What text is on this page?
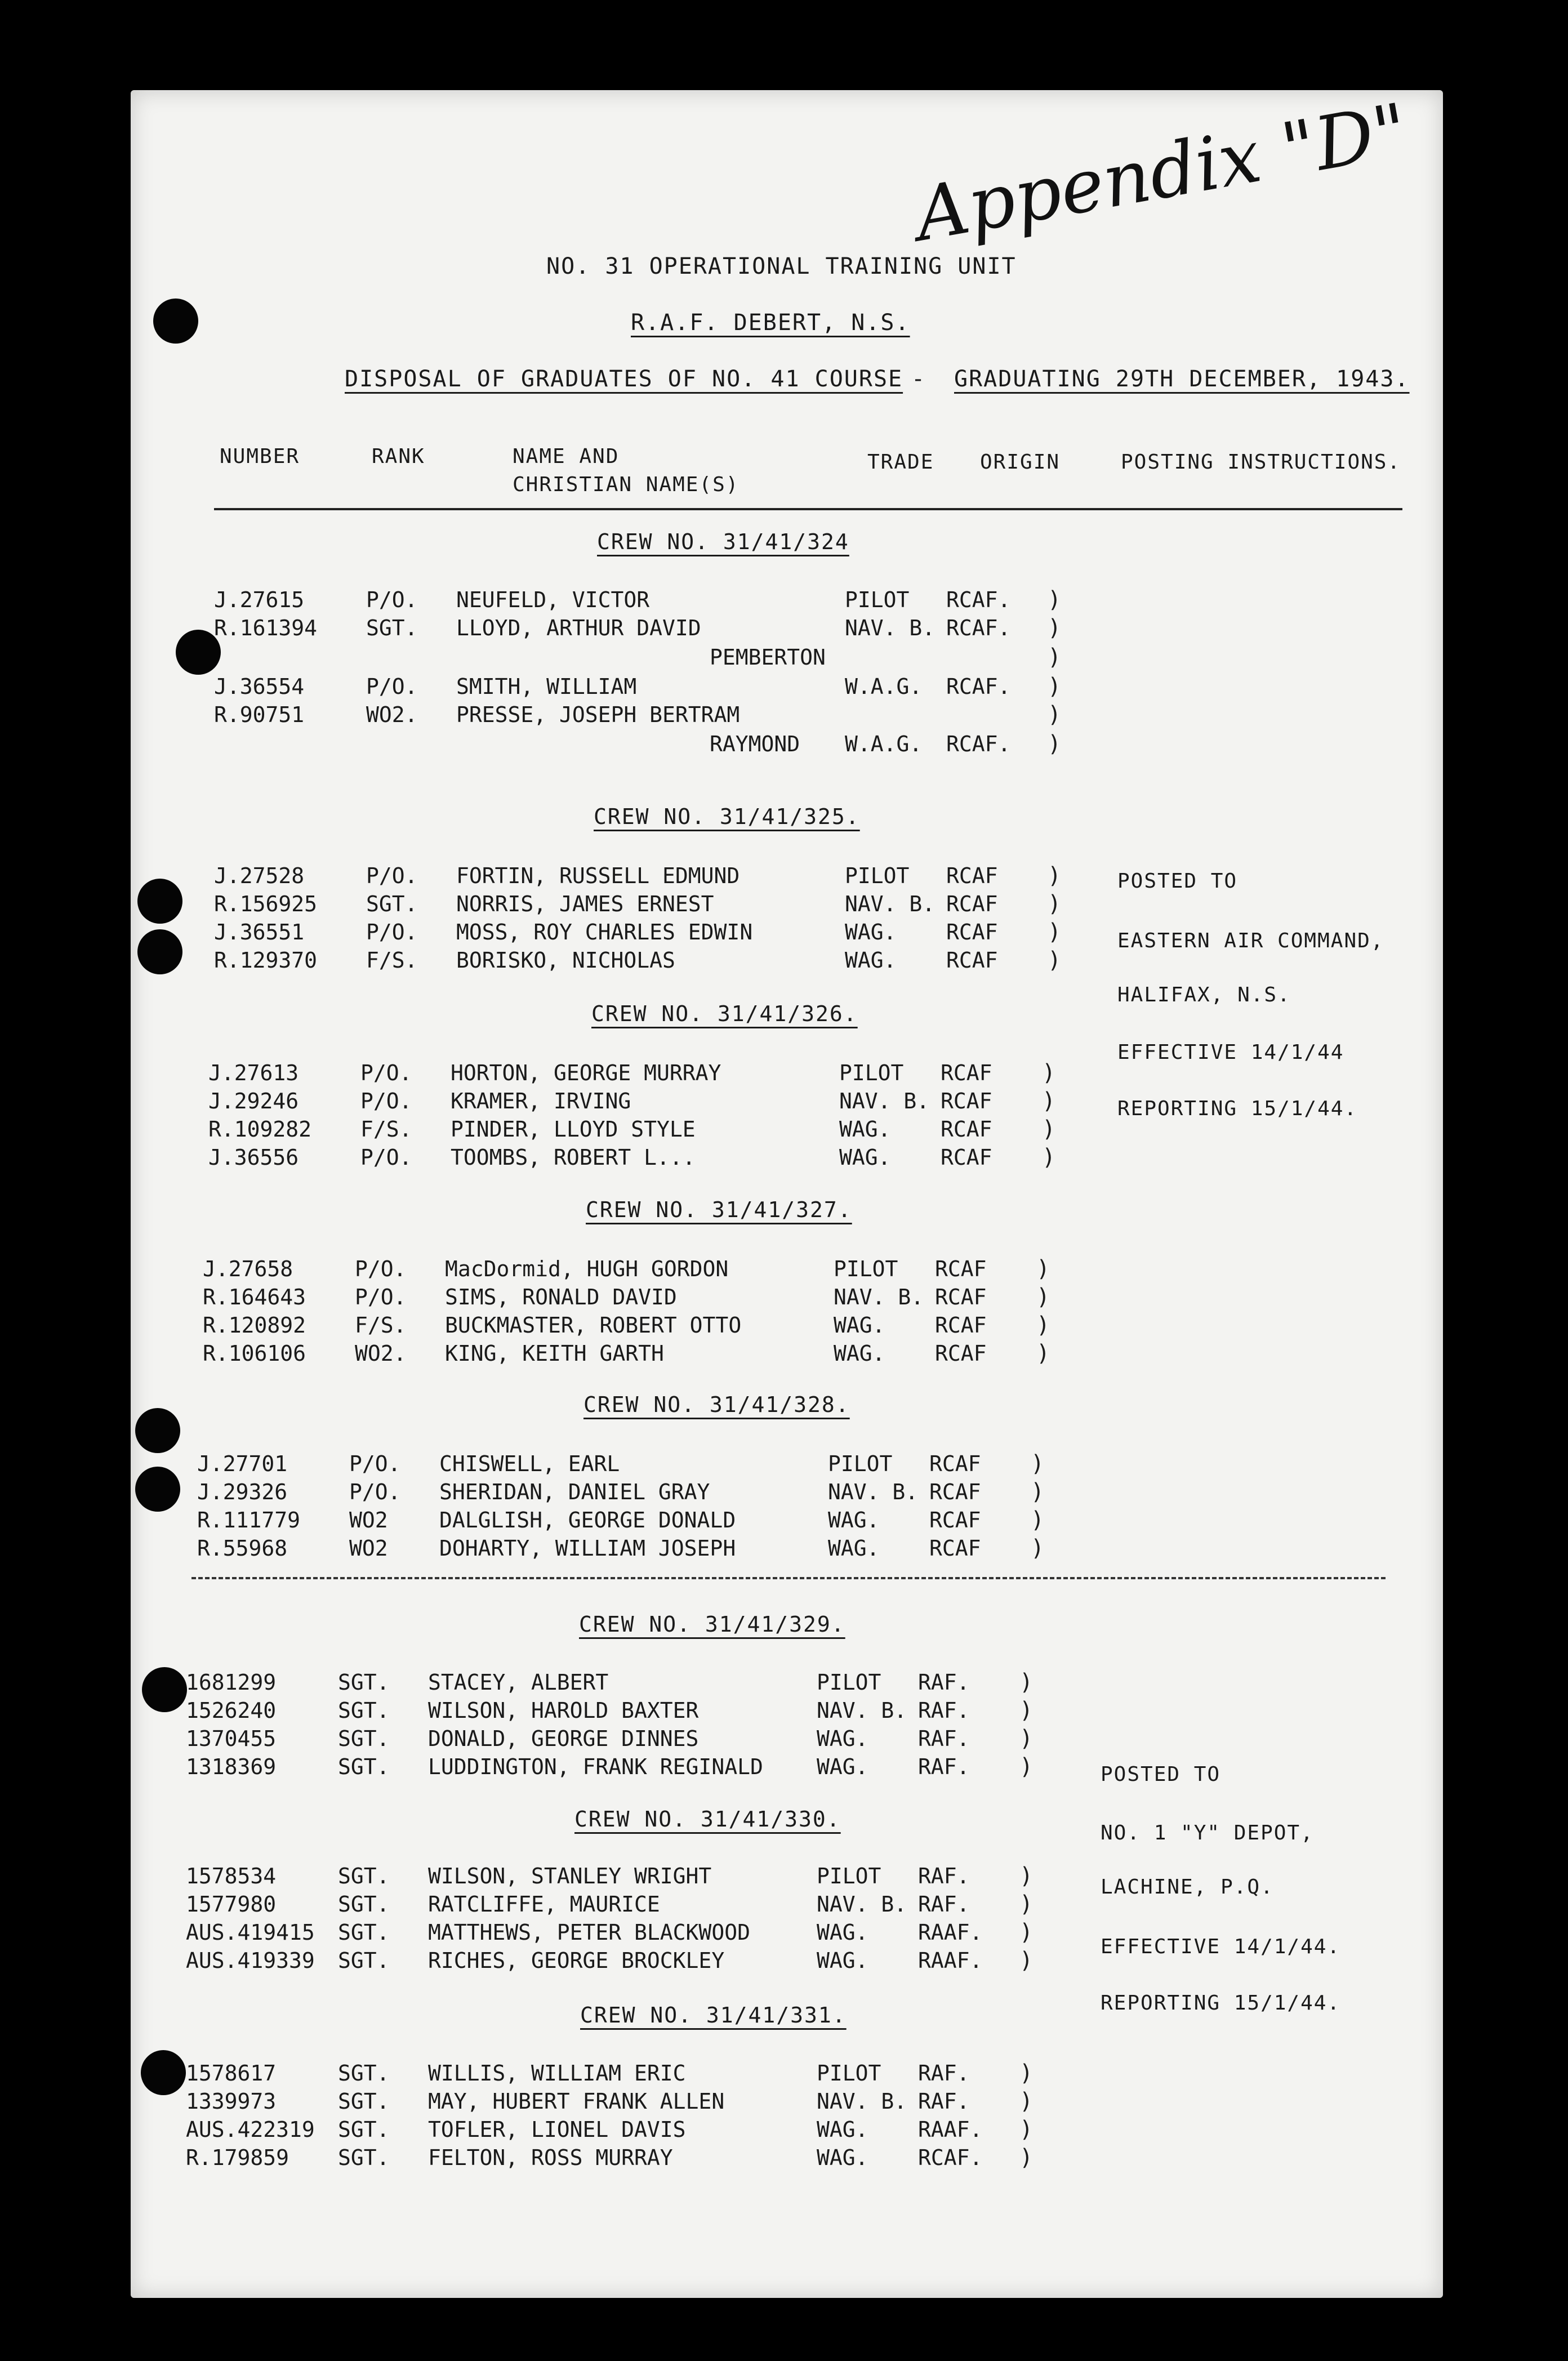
Appendix "D"
NO. 31 OPERATIONAL TRAINING UNIT
R.A.F. DEBERT, N.S.
DISPOSAL OF GRADUATES OF NO. 41 COURSE - GRADUATING 29TH DECEMBER, 1943.
NUMBER	RANK	NAME AND
CHRISTIAN NAME(S)
TRADE ORIGIN	POSTING INSTRUCTIONS.
CREW NO. 31/41/324
J.27615	P/O. NEUFELD, VICTOR	PILOT RCAF. )
R.161394 SGT. LLOYD, ARTHUR DAVID	NAV. B. RCAF. )
PEMBERTON	)
J.36554	P/O. SMITH, WILLIAM	W.A.G. RCAF. )
R.90751	WO2. PRESSE, JOSEPH BERTRAM	)
RAYMOND W.A.G. RCAF. )
CREW NO. 31/41/325.
J.27528	P/O. FORTIN, RUSSELL EDMUND	PILOT RCAF )
R.156925 SGT. NORRIS, JAMES ERNEST	NAV. B. RCAF )
J.36551	P/O. MOSS, ROY CHARLES EDWIN	WAG. RCAF )
R.129370 F/S. BORISKO, NICHOLAS	WAG. RCAF )
CREW NO. 31/41/326.
J.27613	P/O. HORTON, GEORGE MURRAY	PILOT RCAF )
J.29246	P/O. KRAMER, IRVING	NAV. B. RCAF )
R.109282 F/S. PINDER, LLOYD STYLE	WAG. RCAF )
J.36556	P/O. TOOMBS, ROBERT L...	WAG. RCAF )
CREW NO. 31/41/327.
J.27658	P/O. MacDormid, HUGH GORDON	PILOT RCAF )
R.164643 P/O. SIMS, RONALD DAVID	NAV. B. RCAF )
R.120892 F/S. BUCKMASTER, ROBERT OTTO	WAG. RCAF )
R.106106 WO2. KING, KEITH GARTH	WAG. RCAF )
CREW NO. 31/41/328.
J.27701	P/O. CHISWELL, EARL	PILOT RCAF )
J.29326	P/O. SHERIDAN, DANIEL GRAY	NAV. B. RCAF )
R.111779 WO2 DALGLISH, GEORGE DONALD	WAG. RCAF )
R.55968	WO2 DOHARTY, WILLIAM JOSEPH	WAG. RCAF )
CREW NO. 31/41/329.
1681299	SGT. STACEY, ALBERT	PILOT RAF. )
1526240	SGT. WILSON, HAROLD BAXTER	NAV. B. RAF. )
1370455	SGT. DONALD, GEORGE DINNES	WAG. RAF. )
1318369	SGT. LUDDINGTON, FRANK REGINALD	WAG. RAF. )
CREW NO. 31/41/330.
1578534	SGT. WILSON, STANLEY WRIGHT	PILOT RAF. )
1577980	SGT. RATCLIFFE, MAURICE	NAV. B. RAF. )
AUS.419415 SGT. MATTHEWS, PETER BLACKWOOD	WAG. RAAF. )
AUS.419339 SGT. RICHES, GEORGE BROCKLEY	WAG. RAAF. )
CREW NO. 31/41/331.
1578617	SGT. WILLIS, WILLIAM ERIC	PILOT RAF. )
1339973	SGT. MAY, HUBERT FRANK ALLEN	NAV. B. RAF. )
AUS.422319 SGT. TOFLER, LIONEL DAVIS	WAG. RAAF. )
R.179859 SGT. FELTON, ROSS MURRAY	WAG. RCAF. )
POSTED TO
EASTERN AIR COMMAND,
HALIFAX, N.S.
EFFECTIVE 14/1/44
REPORTING 15/1/44.
POSTED TO
NO. 1 "Y" DEPOT,
LACHINE, P.Q.
EFFECTIVE 14/1/44.
REPORTING 15/1/44.
